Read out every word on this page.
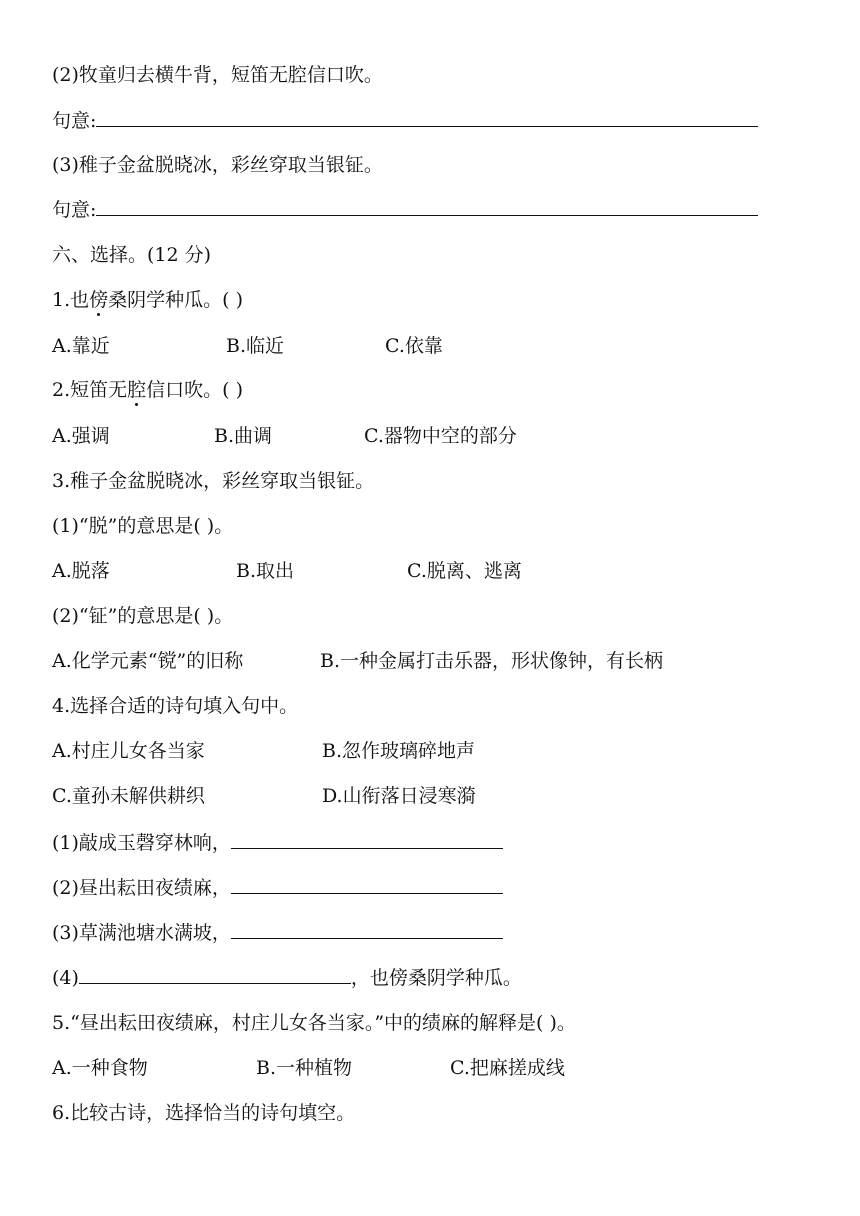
(2)牧童归去横牛背，短笛无腔信口吹。
句意:
(3)稚子金盆脱晓冰，彩丝穿取当银钲。
句意:
六、选择。(12 分)
1.也傍桑阴学种瓜。( )
A.靠近	B.临近	C.依靠
2.短笛无腔信口吹。( )
A.强调	B.曲调	C.器物中空的部分
3.稚子金盆脱晓冰，彩丝穿取当银钲。
(1)“脱”的意思是( )。
A.脱落	B.取出	C.脱离、逃离
(2)“钲”的意思是( )。
A.化学元素“镋”的旧称	B.一种金属打击乐器，形状像钟，有长柄
4.选择合适的诗句填入句中。
A.村庄儿女各当家	B.忽作玻璃碎地声
C.童孙未解供耕织	D.山衔落日浸寒漪
(1)敲成玉磬穿林响，
(2)昼出耘田夜绩麻，
(3)草满池塘水满坡，
(4)	，也傍桑阴学种瓜。
5.“昼出耘田夜绩麻，村庄儿女各当家。”中的绩麻的解释是( )。
A.一种食物	B.一种植物	C.把麻搓成线
6.比较古诗，选择恰当的诗句填空。
